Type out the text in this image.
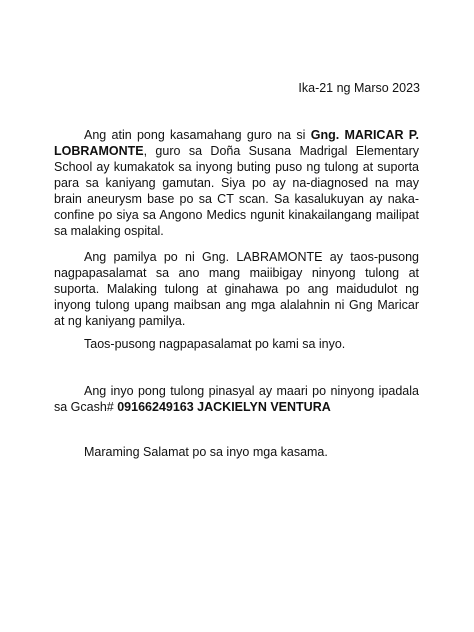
Ika-21 ng Marso 2023

Ang atin pong kasamahang guro na si Gng. MARICAR P. LOBRAMONTE, guro sa Doña Susana Madrigal Elementary School ay kumakatok sa inyong buting puso ng tulong at suporta para sa kaniyang gamutan. Siya po ay na-diagnosed na may brain aneurysm base po sa CT scan. Sa kasalukuyan ay naka-confine po siya sa Angono Medics ngunit kinakailangang mailipat sa malaking ospital.

Ang pamilya po ni Gng. LABRAMONTE ay taos-pusong nagpapasalamat sa ano mang maiibigay ninyong tulong at suporta. Malaking tulong at ginahawa po ang maidudulot ng inyong tulong upang maibsan ang mga alalahnin ni Gng Maricar at ng kaniyang pamilya.

Taos-pusong nagpapasalamat po kami sa inyo.

Ang inyo pong tulong pinasyal ay maari po ninyong ipadala sa Gcash# 09166249163 JACKIELYN VENTURA

Maraming Salamat po sa inyo mga kasama.
